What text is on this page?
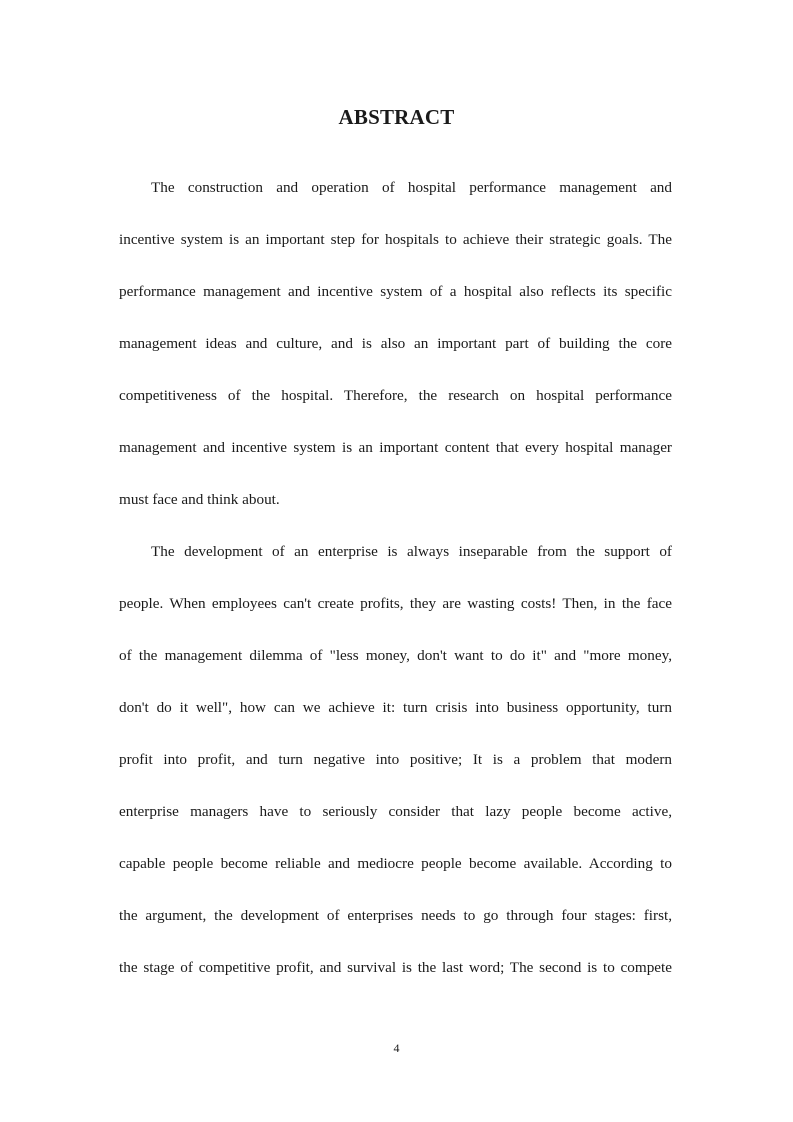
ABSTRACT
The construction and operation of hospital performance management and
incentive system is an important step for hospitals to achieve their strategic goals. The
performance management and incentive system of a hospital also reflects its specific
management ideas and culture, and is also an important part of building the core
competitiveness of the hospital. Therefore, the research on hospital performance
management and incentive system is an important content that every hospital manager
must face and think about.
The development of an enterprise is always inseparable from the support of
people. When employees can't create profits, they are wasting costs! Then, in the face
of the management dilemma of "less money, don't want to do it" and "more money,
don't do it well", how can we achieve it: turn crisis into business opportunity, turn
profit into profit, and turn negative into positive; It is a problem that modern
enterprise managers have to seriously consider that lazy people become active,
capable people become reliable and mediocre people become available. According to
the argument, the development of enterprises needs to go through four stages: first,
the stage of competitive profit, and survival is the last word; The second is to compete
4
